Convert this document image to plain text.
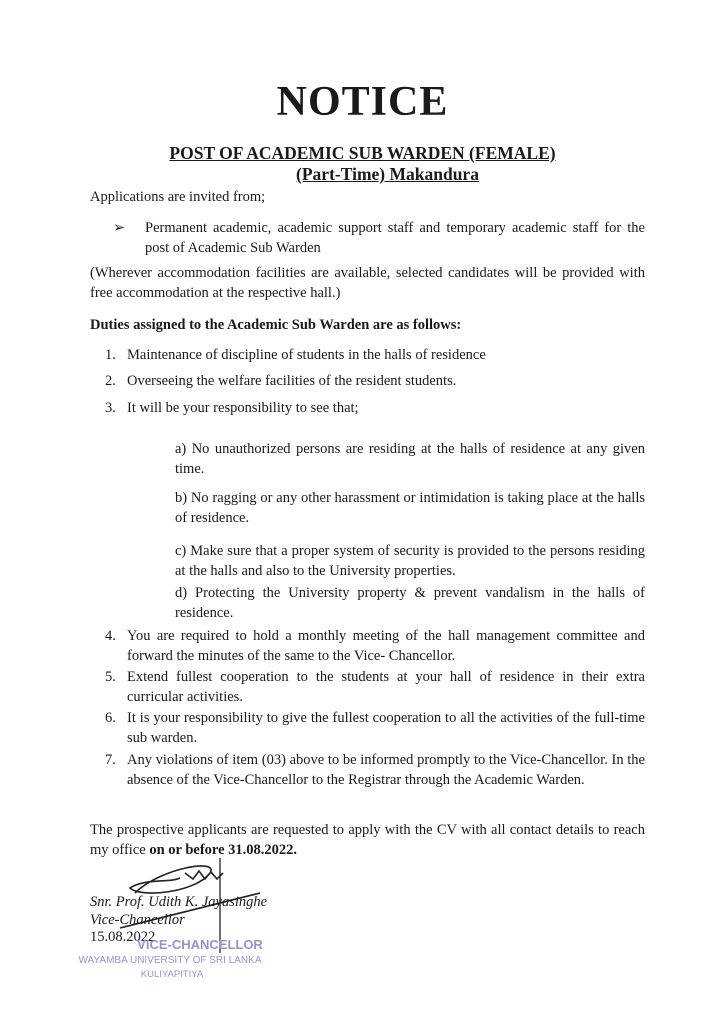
NOTICE
POST OF ACADEMIC SUB WARDEN (FEMALE)
(Part-Time) Makandura
Applications are invited from;
➢ Permanent academic, academic support staff and temporary academic staff for the post of Academic Sub Warden
(Wherever accommodation facilities are available, selected candidates will be provided with free accommodation at the respective hall.)
Duties assigned to the Academic Sub Warden are as follows:
1. Maintenance of discipline of students in the halls of residence
2. Overseeing the welfare facilities of the resident students.
3. It will be your responsibility to see that;
a) No unauthorized persons are residing at the halls of residence at any given time.
b) No ragging or any other harassment or intimidation is taking place at the halls of residence.
c) Make sure that a proper system of security is provided to the persons residing at the halls and also to the University properties.
d) Protecting the University property & prevent vandalism in the halls of residence.
4. You are required to hold a monthly meeting of the hall management committee and forward the minutes of the same to the Vice- Chancellor.
5. Extend fullest cooperation to the students at your hall of residence in their extra curricular activities.
6. It is your responsibility to give the fullest cooperation to all the activities of the full-time sub warden.
7. Any violations of item (03) above to be informed promptly to the Vice-Chancellor. In the absence of the Vice-Chancellor to the Registrar through the Academic Warden.
The prospective applicants are requested to apply with the CV with all contact details to reach my office on or before 31.08.2022.
Snr. Prof. Udith K. Jayasinghe
Vice-Chancellor
15.08.2022
VICE-CHANCELLOR
WAYAMBA UNIVERSITY OF SRI LANKA
KULIYAPITIYA
